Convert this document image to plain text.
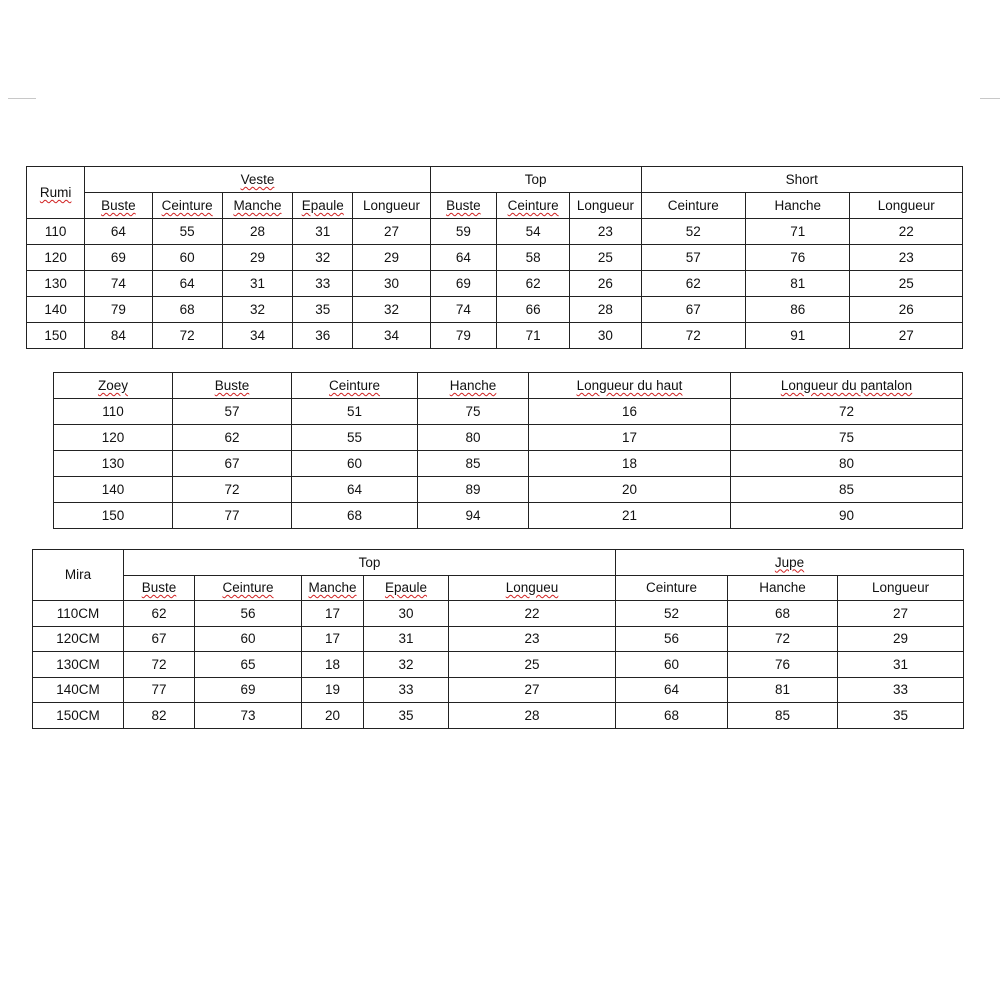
Rumi	Veste					Top			Short		
	Buste	Ceinture	Manche	Epaule	Longueur	Buste	Ceinture	Longueur	Ceinture	Hanche	Longueur
110	64	55	28	31	27	59	54	23	52	71	22
120	69	60	29	32	29	64	58	25	57	76	23
130	74	64	31	33	30	69	62	26	62	81	25
140	79	68	32	35	32	74	66	28	67	86	26
150	84	72	34	36	34	79	71	30	72	91	27
Zoey	Buste	Ceinture	Hanche	Longueur du haut	Longueur du pantalon
110	57	51	75	16	72
120	62	55	80	17	75
130	67	60	85	18	80
140	72	64	89	20	85
150	77	68	94	21	90
Mira	Top					Jupe		
	Buste	Ceinture	Manche	Epaule	Longueu	Ceinture	Hanche	Longueur
110CM	62	56	17	30	22	52	68	27
120CM	67	60	17	31	23	56	72	29
130CM	72	65	18	32	25	60	76	31
140CM	77	69	19	33	27	64	81	33
150CM	82	73	20	35	28	68	85	35
